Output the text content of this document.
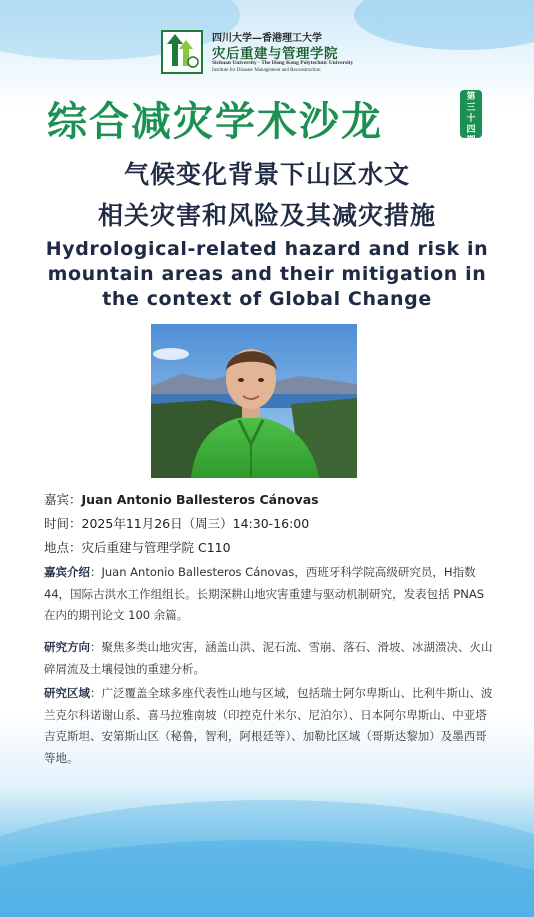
四川大学—香港理工大学
灾后重建与管理学院
Sichuan University - The Hong Kong Polytechnic University
Institute for Disaster Management and Reconstruction
综合减灾学术沙龙
第
三
十
四
期
气候变化背景下山区水文
相关灾害和风险及其减灾措施
Hydrological-related hazard and risk in
mountain areas and their mitigation in
the context of Global Change
嘉宾：Juan Antonio Ballesteros Cánovas
时间：2025年11月26日（周三）14:30-16:00
地点：灾后重建与管理学院 C110
嘉宾介绍：Juan Antonio Ballesteros Cánovas，西班牙科学院高级研究员，H指数44，国际古洪水工作组组长。长期深耕山地灾害重建与驱动机制研究，发表包括 PNAS 在内的期刊论文 100 余篇。
研究方向：聚焦多类山地灾害，涵盖山洪、泥石流、雪崩、落石、滑坡、冰湖溃决、火山碎屑流及土壤侵蚀的重建分析。
研究区域：广泛覆盖全球多座代表性山地与区域，包括瑞士阿尔卑斯山、比利牛斯山、波兰克尔科诺谢山系、喜马拉雅南坡（印控克什米尔、尼泊尔）、日本阿尔卑斯山、中亚塔吉克斯坦、安第斯山区（秘鲁，智利，阿根廷等）、加勒比区域（哥斯达黎加）及墨西哥等地。
